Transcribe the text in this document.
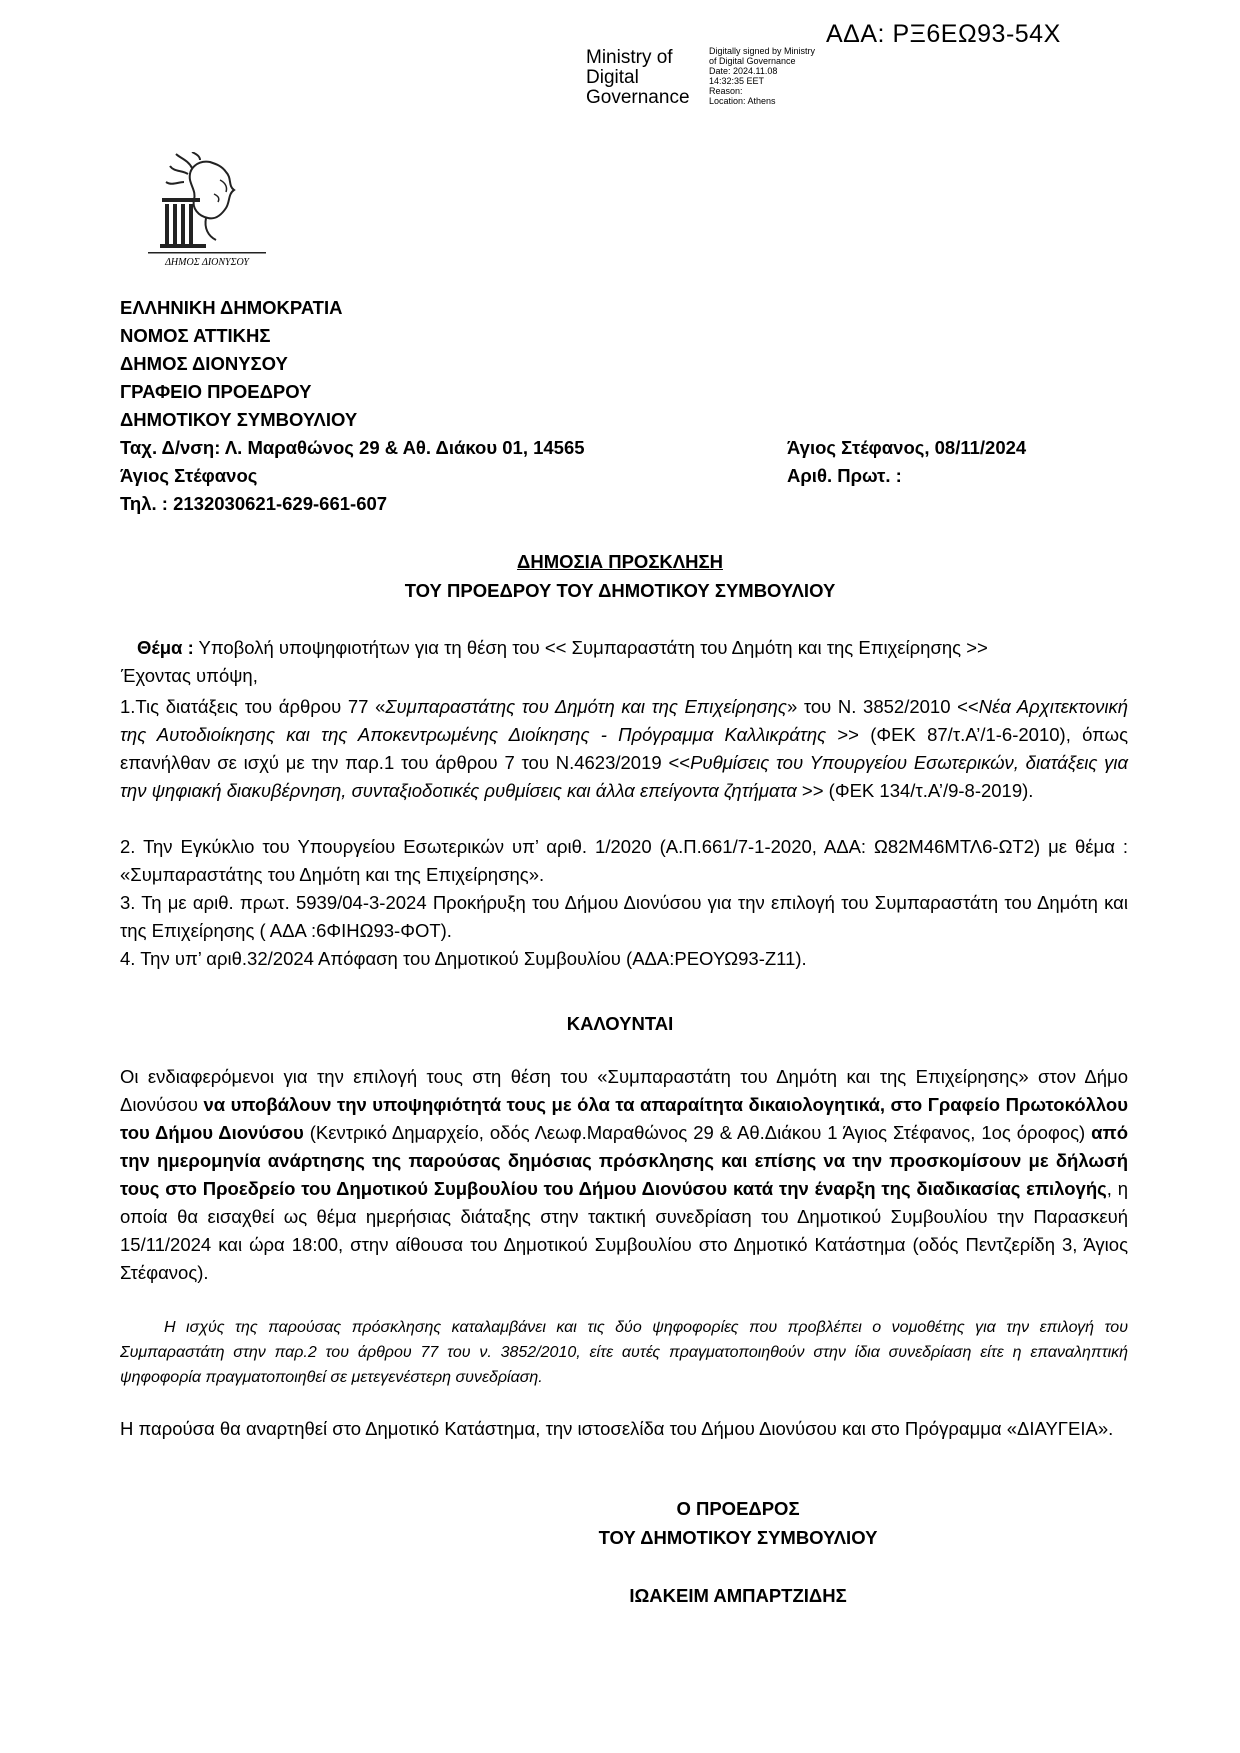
ΑΔΑ: ΡΞ6ΕΩ93-54Χ
Ministry of
Digital
Governance
Digitally signed by Ministry
of Digital Governance
Date: 2024.11.08
14:32:35 EET
Reason:
Location: Athens
ΔΗΜΟΣ ΔΙΟΝΥΣΟΥ
ΕΛΛΗΝΙΚΗ ΔΗΜΟΚΡΑΤΙΑ
ΝΟΜΟΣ ΑΤΤΙΚΗΣ
ΔΗΜΟΣ ΔΙΟΝΥΣΟΥ
ΓΡΑΦΕΙΟ ΠΡΟΕΔΡΟΥ
ΔΗΜΟΤΙΚΟΥ ΣΥΜΒΟΥΛΙΟΥ
Ταχ. Δ/νση: Λ. Μαραθώνος 29 & Αθ. Διάκου 01, 14565
Άγιος Στέφανος
Τηλ. : 2132030621-629-661-607
Άγιος Στέφανος, 08/11/2024
Αριθ. Πρωτ. :
ΔΗΜΟΣΙΑ ΠΡΟΣΚΛΗΣΗ
ΤΟΥ ΠΡΟΕΔΡΟΥ ΤΟΥ ΔΗΜΟΤΙΚΟΥ ΣΥΜΒΟΥΛΙΟΥ
Θέμα : Υποβολή υποψηφιοτήτων για τη θέση του << Συμπαραστάτη του Δημότη και της Επιχείρησης >>
Έχοντας υπόψη,
1.Τις διατάξεις του άρθρου 77 «Συμπαραστάτης του Δημότη και της Επιχείρησης» του Ν. 3852/2010 <<Νέα Αρχιτεκτονική της Αυτοδιοίκησης και της Αποκεντρωμένης Διοίκησης - Πρόγραμμα Καλλικράτης >> (ΦΕΚ 87/τ.Α’/1-6-2010), όπως επανήλθαν σε ισχύ με την παρ.1 του άρθρου 7 του Ν.4623/2019 <<Ρυθμίσεις του Υπουργείου Εσωτερικών, διατάξεις για την ψηφιακή διακυβέρνηση, συνταξιοδοτικές ρυθμίσεις και άλλα επείγοντα ζητήματα >> (ΦΕΚ 134/τ.Α’/9-8-2019).
2. Την Εγκύκλιο του Υπουργείου Εσωτερικών υπ’ αριθ. 1/2020 (Α.Π.661/7-1-2020, ΑΔΑ: Ω82Μ46ΜΤΛ6-ΩΤ2) με θέμα : «Συμπαραστάτης του Δημότη και της Επιχείρησης».
3. Τη με αριθ. πρωτ. 5939/04-3-2024 Προκήρυξη του Δήμου Διονύσου για την επιλογή του Συμπαραστάτη του Δημότη και της Επιχείρησης ( ΑΔΑ :6ΦΙΗΩ93-ΦΟΤ).
4. Την υπ’ αριθ.32/2024 Απόφαση του Δημοτικού Συμβουλίου (ΑΔΑ:ΡΕΟΥΩ93-Ζ11).
ΚΑΛΟΥΝΤΑΙ
Οι ενδιαφερόμενοι για την επιλογή τους στη θέση του «Συμπαραστάτη του Δημότη και της Επιχείρησης» στον Δήμο Διονύσου να υποβάλουν την υποψηφιότητά τους με όλα τα απαραίτητα δικαιολογητικά, στο Γραφείο Πρωτοκόλλου του Δήμου Διονύσου (Κεντρικό Δημαρχείο, οδός Λεωφ.Μαραθώνος 29 & Αθ.Διάκου 1 Άγιος Στέφανος, 1ος όροφος) από την ημερομηνία ανάρτησης της παρούσας δημόσιας πρόσκλησης και επίσης να την προσκομίσουν με δήλωσή τους στο Προεδρείο του Δημοτικού Συμβουλίου του Δήμου Διονύσου κατά την έναρξη της διαδικασίας επιλογής, η οποία θα εισαχθεί ως θέμα ημερήσιας διάταξης στην τακτική συνεδρίαση του Δημοτικού Συμβουλίου την Παρασκευή 15/11/2024 και ώρα 18:00, στην αίθουσα του Δημοτικού Συμβουλίου στο Δημοτικό Κατάστημα (οδός Πεντζερίδη 3, Άγιος Στέφανος).
Η ισχύς της παρούσας πρόσκλησης καταλαμβάνει και τις δύο ψηφοφορίες που προβλέπει ο νομοθέτης για την επιλογή του Συμπαραστάτη στην παρ.2 του άρθρου 77 του ν. 3852/2010, είτε αυτές πραγματοποιηθούν στην ίδια συνεδρίαση είτε η επαναληπτική ψηφοφορία πραγματοποιηθεί σε μετεγενέστερη συνεδρίαση.
Η παρούσα θα αναρτηθεί στο Δημοτικό Κατάστημα, την ιστοσελίδα του Δήμου Διονύσου και στο Πρόγραμμα «ΔΙΑΥΓΕΙΑ».
Ο ΠΡΟΕΔΡΟΣ
ΤΟΥ ΔΗΜΟΤΙΚΟΥ ΣΥΜΒΟΥΛΙΟΥ
ΙΩΑΚΕΙΜ ΑΜΠΑΡΤΖΙΔΗΣ
